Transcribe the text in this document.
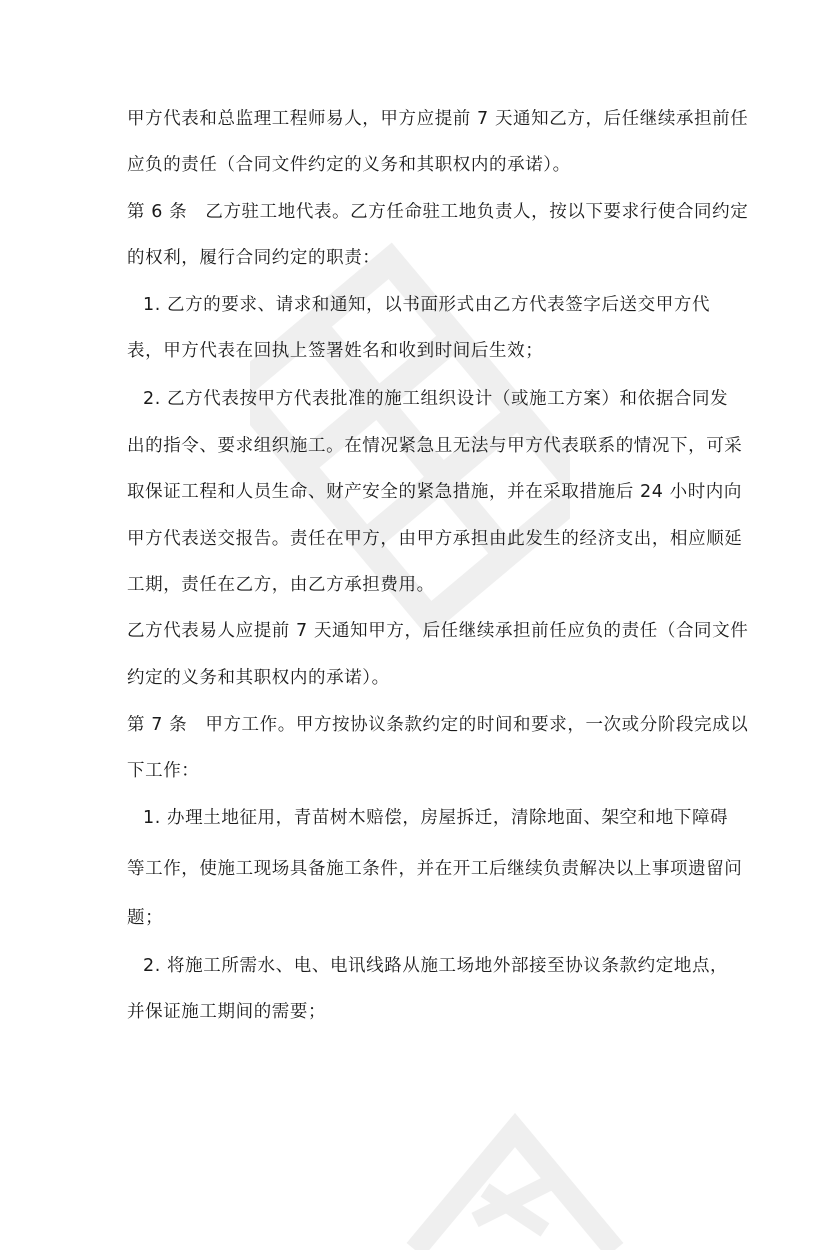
甲方代表和总监理工程师易人，甲方应提前 7 天通知乙方，后任继续承担前任
应负的责任（合同文件约定的义务和其职权内的承诺）。
第 6 条　乙方驻工地代表。乙方任命驻工地负责人，按以下要求行使合同约定
的权利，履行合同约定的职责：
1. 乙方的要求、请求和通知，以书面形式由乙方代表签字后送交甲方代
表，甲方代表在回执上签署姓名和收到时间后生效；
2. 乙方代表按甲方代表批准的施工组织设计（或施工方案）和依据合同发
出的指令、要求组织施工。在情况紧急且无法与甲方代表联系的情况下，可采
取保证工程和人员生命、财产安全的紧急措施，并在采取措施后 24 小时内向
甲方代表送交报告。责任在甲方，由甲方承担由此发生的经济支出，相应顺延
工期，责任在乙方，由乙方承担费用。
乙方代表易人应提前 7 天通知甲方，后任继续承担前任应负的责任（合同文件
约定的义务和其职权内的承诺）。
第 7 条　甲方工作。甲方按协议条款约定的时间和要求，一次或分阶段完成以
下工作：
1. 办理土地征用，青苗树木赔偿，房屋拆迁，清除地面、架空和地下障碍
等工作，使施工现场具备施工条件，并在开工后继续负责解决以上事项遗留问
题；
2. 将施工所需水、电、电讯线路从施工场地外部接至协议条款约定地点，
并保证施工期间的需要；
